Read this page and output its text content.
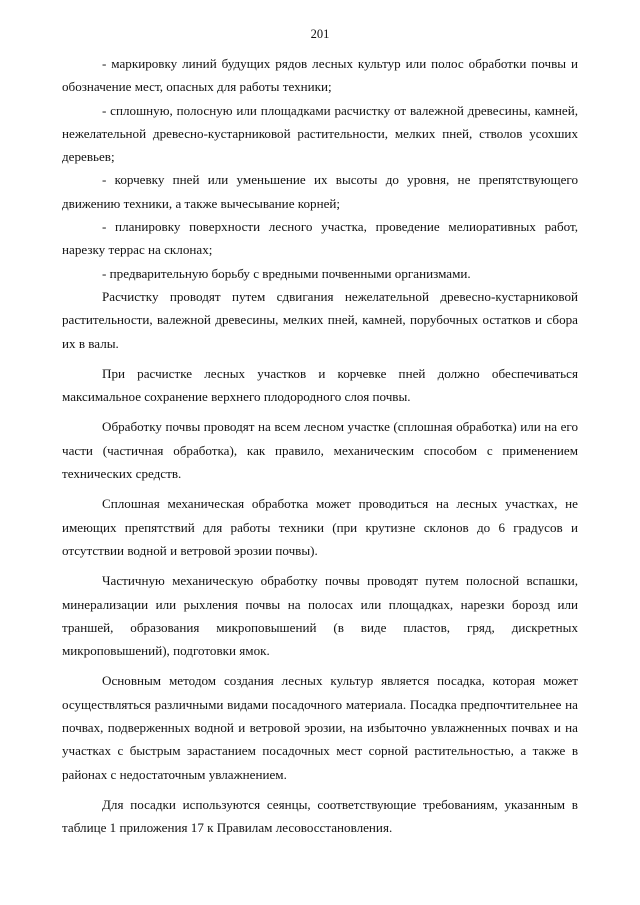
201

- маркировку линий будущих рядов лесных культур или полос обработки почвы и обозначение мест, опасных для работы техники;

- сплошную, полосную или площадками расчистку от валежной древесины, камней, нежелательной древесно-кустарниковой растительности, мелких пней, стволов усохших деревьев;

- корчевку пней или уменьшение их высоты до уровня, не препятствующего движению техники, а также вычесывание корней;

- планировку поверхности лесного участка, проведение мелиоративных работ, нарезку террас на склонах;

- предварительную борьбу с вредными почвенными организмами.

Расчистку проводят путем сдвигания нежелательной древесно-кустарниковой растительности, валежной древесины, мелких пней, камней, порубочных остатков и сбора их в валы.

При расчистке лесных участков и корчевке пней должно обеспечиваться максимальное сохранение верхнего плодородного слоя почвы.

Обработку почвы проводят на всем лесном участке (сплошная обработка) или на его части (частичная обработка), как правило, механическим способом с применением технических средств.

Сплошная механическая обработка может проводиться на лесных участках, не имеющих препятствий для работы техники (при крутизне склонов до 6 градусов и отсутствии водной и ветровой эрозии почвы).

Частичную механическую обработку почвы проводят путем полосной вспашки, минерализации или рыхления почвы на полосах или площадках, нарезки борозд или траншей, образования микроповышений (в виде пластов, гряд, дискретных микроповышений), подготовки ямок.

Основным методом создания лесных культур является посадка, которая может осуществляться различными видами посадочного материала. Посадка предпочтительнее на почвах, подверженных водной и ветровой эрозии, на избыточно увлажненных почвах и на участках с быстрым зарастанием посадочных мест сорной растительностью, а также в районах с недостаточным увлажнением.

Для посадки используются сеянцы, соответствующие требованиям, указанным в таблице 1 приложения 17 к Правилам лесовосстановления.
